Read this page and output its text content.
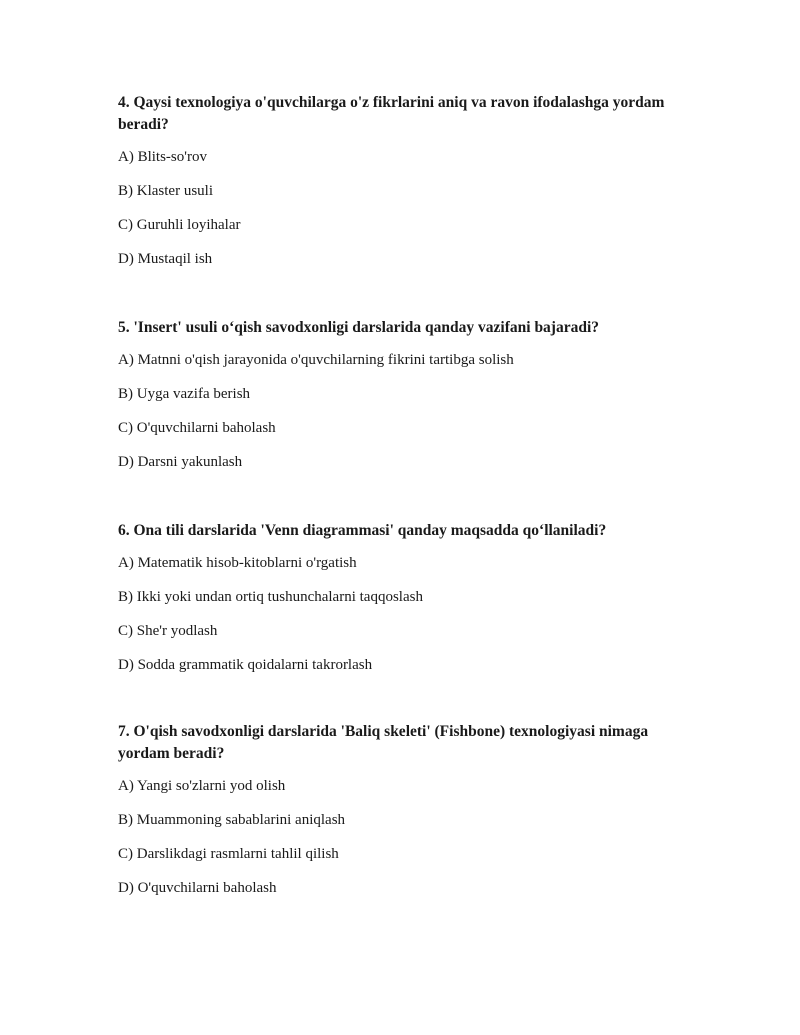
4. Qaysi texnologiya o'quvchilarga o'z fikrlarini aniq va ravon ifodalashga yordam beradi?
A) Blits-so'rov
B) Klaster usuli
C) Guruhli loyihalar
D) Mustaqil ish
5. 'Insert' usuli o‘qish savodxonligi darslarida qanday vazifani bajaradi?
A) Matnni o'qish jarayonida o'quvchilarning fikrini tartibga solish
B) Uyga vazifa berish
C) O'quvchilarni baholash
D) Darsni yakunlash
6. Ona tili darslarida 'Venn diagrammasi' qanday maqsadda qo‘llaniladi?
A) Matematik hisob-kitoblarni o'rgatish
B) Ikki yoki undan ortiq tushunchalarni taqqoslash
C) She'r yodlash
D) Sodda grammatik qoidalarni takrorlash
7. O'qish savodxonligi darslarida 'Baliq skeleti' (Fishbone) texnologiyasi nimaga yordam beradi?
A) Yangi so'zlarni yod olish
B) Muammoning sabablarini aniqlash
C) Darslikdagi rasmlarni tahlil qilish
D) O'quvchilarni baholash
